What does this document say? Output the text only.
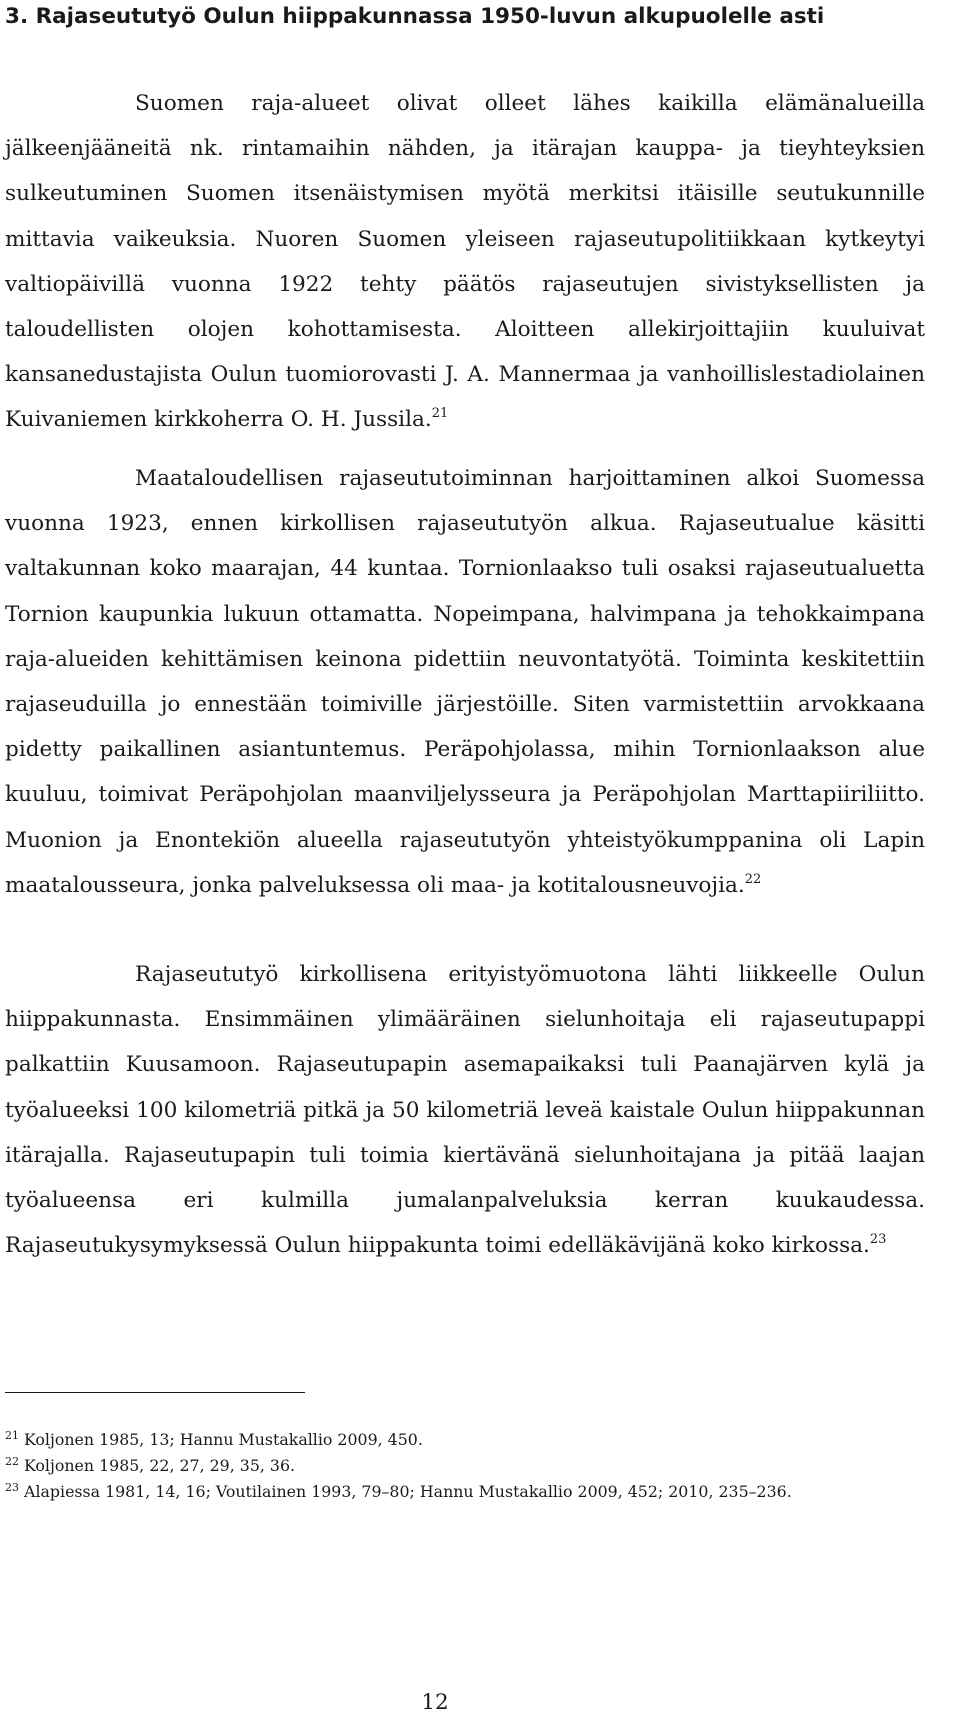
3. Rajaseututyö Oulun hiippakunnassa 1950-luvun alkupuolelle asti

Suomen raja-alueet olivat olleet lähes kaikilla elämänalueilla jälkeenjääneitä nk. rintamaihin nähden, ja itärajan kauppa- ja tieyhteyksien sulkeutuminen Suomen itsenäistymisen myötä merkitsi itäisille seutukunnille mittavia vaikeuksia. Nuoren Suomen yleiseen rajaseutupolitiikkaan kytkeytyi valtiopäivillä vuonna 1922 tehty päätös rajaseutujen sivistyksellisten ja taloudellisten olojen kohottamisesta. Aloitteen allekirjoittajiin kuuluivat kansanedustajista Oulun tuomiorovasti J. A. Mannermaa ja vanhoillislestadiolainen Kuivaniemen kirkkoherra O. H. Jussila.$^{21}$

Maataloudellisen rajaseututoiminnan harjoittaminen alkoi Suomessa vuonna 1923, ennen kirkollisen rajaseututyön alkua. Rajaseutualue käsitti valtakunnan koko maarajan, 44 kuntaa. Tornionlaakso tuli osaksi rajaseutualuetta Tornion kaupunkia lukuun ottamatta. Nopeimpana, halvimpana ja tehokkaimpana raja-alueiden kehittämisen keinona pidettiin neuvontatyötä. Toiminta keskitettiin rajaseuduilla jo ennestään toimiville järjestöille. Siten varmistettiin arvokkaana pidetty paikallinen asiantuntemus. Peräpohjolassa, mihin Tornionlaakson alue kuuluu, toimivat Peräpohjolan maanviljelysseura ja Peräpohjolan Marttapiiriliitto. Muonion ja Enontekiön alueella rajaseututyön yhteistyökumppanina oli Lapin maatalousseura, jonka palveluksessa oli maa- ja kotitalousneuvojia.$^{22}$

Rajaseututyö kirkollisena erityistyömuotona lähti liikkeelle Oulun hiippakunnasta. Ensimmäinen ylimääräinen sielunhoitaja eli rajaseutupappi palkattiin Kuusamoon. Rajaseutupapin asemapaikaksi tuli Paanajärven kylä ja työalueeksi 100 kilometriä pitkä ja 50 kilometriä leveä kaistale Oulun hiippakunnan itärajalla. Rajaseutupapin tuli toimia kiertävänä sielunhoitajana ja pitää laajan työalueensa eri kulmilla jumalanpalveluksia kerran kuukaudessa. Rajaseutukysymyksessä Oulun hiippakunta toimi edelläkävijänä koko kirkossa.$^{23}$

$^{21}$ Koljonen 1985, 13; Hannu Mustakallio 2009, 450.

$^{22}$ Koljonen 1985, 22, 27, 29, 35, 36.

$^{23}$ Alapiessa 1981, 14, 16; Voutilainen 1993, 79–80; Hannu Mustakallio 2009, 452; 2010, 235–236.

12
